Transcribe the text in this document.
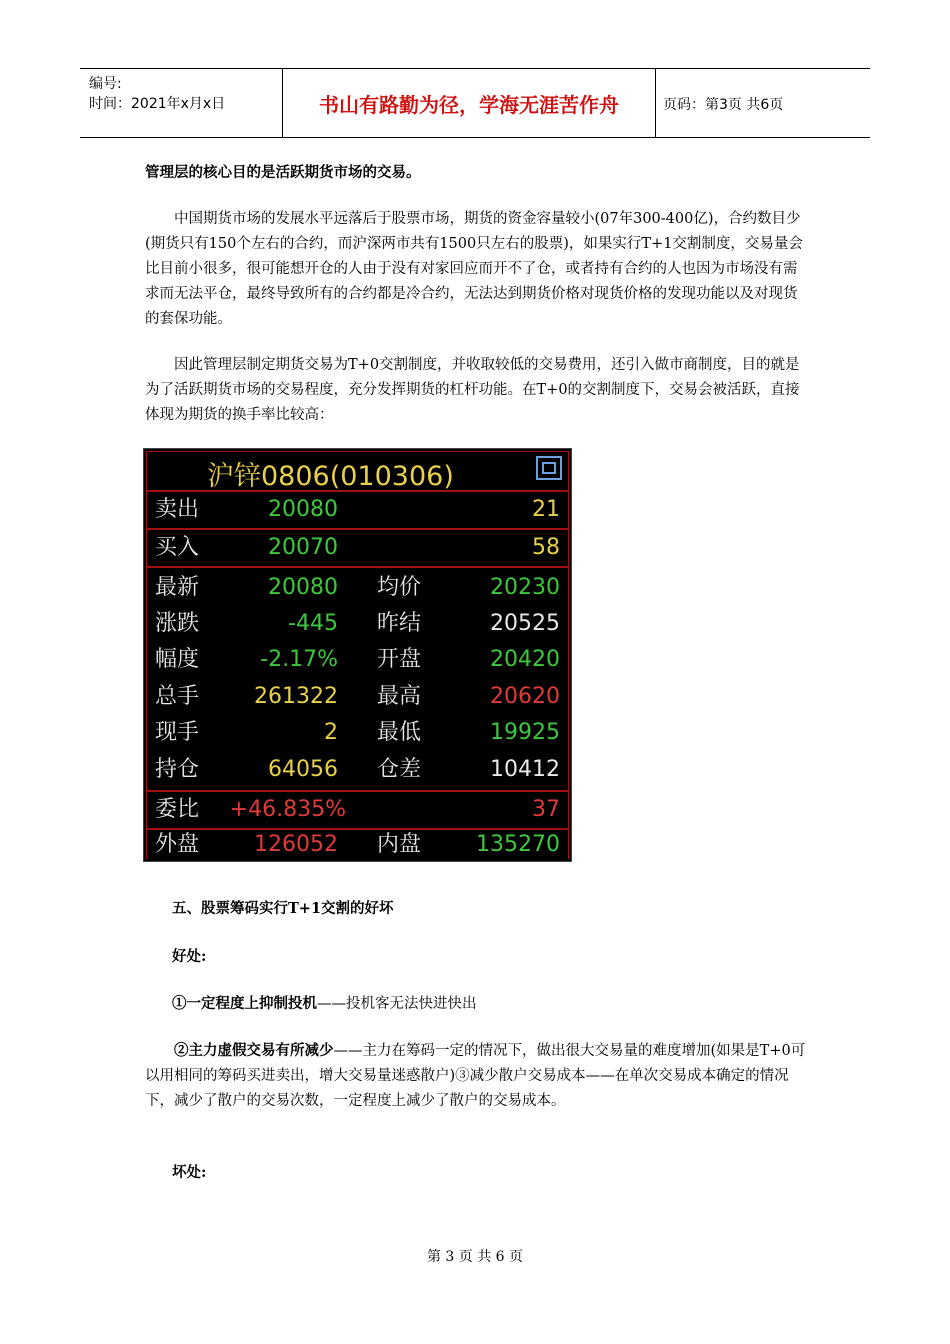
编号:
时间：2021年x月x日	书山有路勤为径，学海无涯苦作舟	页码：第3页 共6页
管理层的核心目的是活跃期货市场的交易。
中国期货市场的发展水平远落后于股票市场，期货的资金容量较小(07年300-400亿)，合约数目少(期货只有150个左右的合约，而沪深两市共有1500只左右的股票)，如果实行T+1交割制度，交易量会比目前小很多，很可能想开仓的人由于没有对家回应而开不了仓，或者持有合约的人也因为市场没有需求而无法平仓，最终导致所有的合约都是冷合约，无法达到期货价格对现货价格的发现功能以及对现货的套保功能。
因此管理层制定期货交易为T+0交割制度，并收取较低的交易费用，还引入做市商制度，目的就是为了活跃期货市场的交易程度，充分发挥期货的杠杆功能。在T+0的交割制度下，交易会被活跃，直接体现为期货的换手率比较高：
沪锌0806(010306)
卖出	20080	21
买入	20070	58
最新	20080 均价	20230
涨跌	-445 昨结	20525
幅度	-2.17% 开盘	20420
总手	261322 最高	20620
现手	2 最低	19925
持仓	64056 仓差	10412
委比 +46.835%	37
外盘	126052 内盘	135270
五、股票筹码实行T+1交割的好坏
好处:
①一定程度上抑制投机——投机客无法快进快出
②主力虚假交易有所减少——主力在筹码一定的情况下，做出很大交易量的难度增加(如果是T+0可以用相同的筹码买进卖出，增大交易量迷惑散户)③减少散户交易成本——在单次交易成本确定的情况下，减少了散户的交易次数，一定程度上减少了散户的交易成本。
坏处:
第 3 页 共 6 页
